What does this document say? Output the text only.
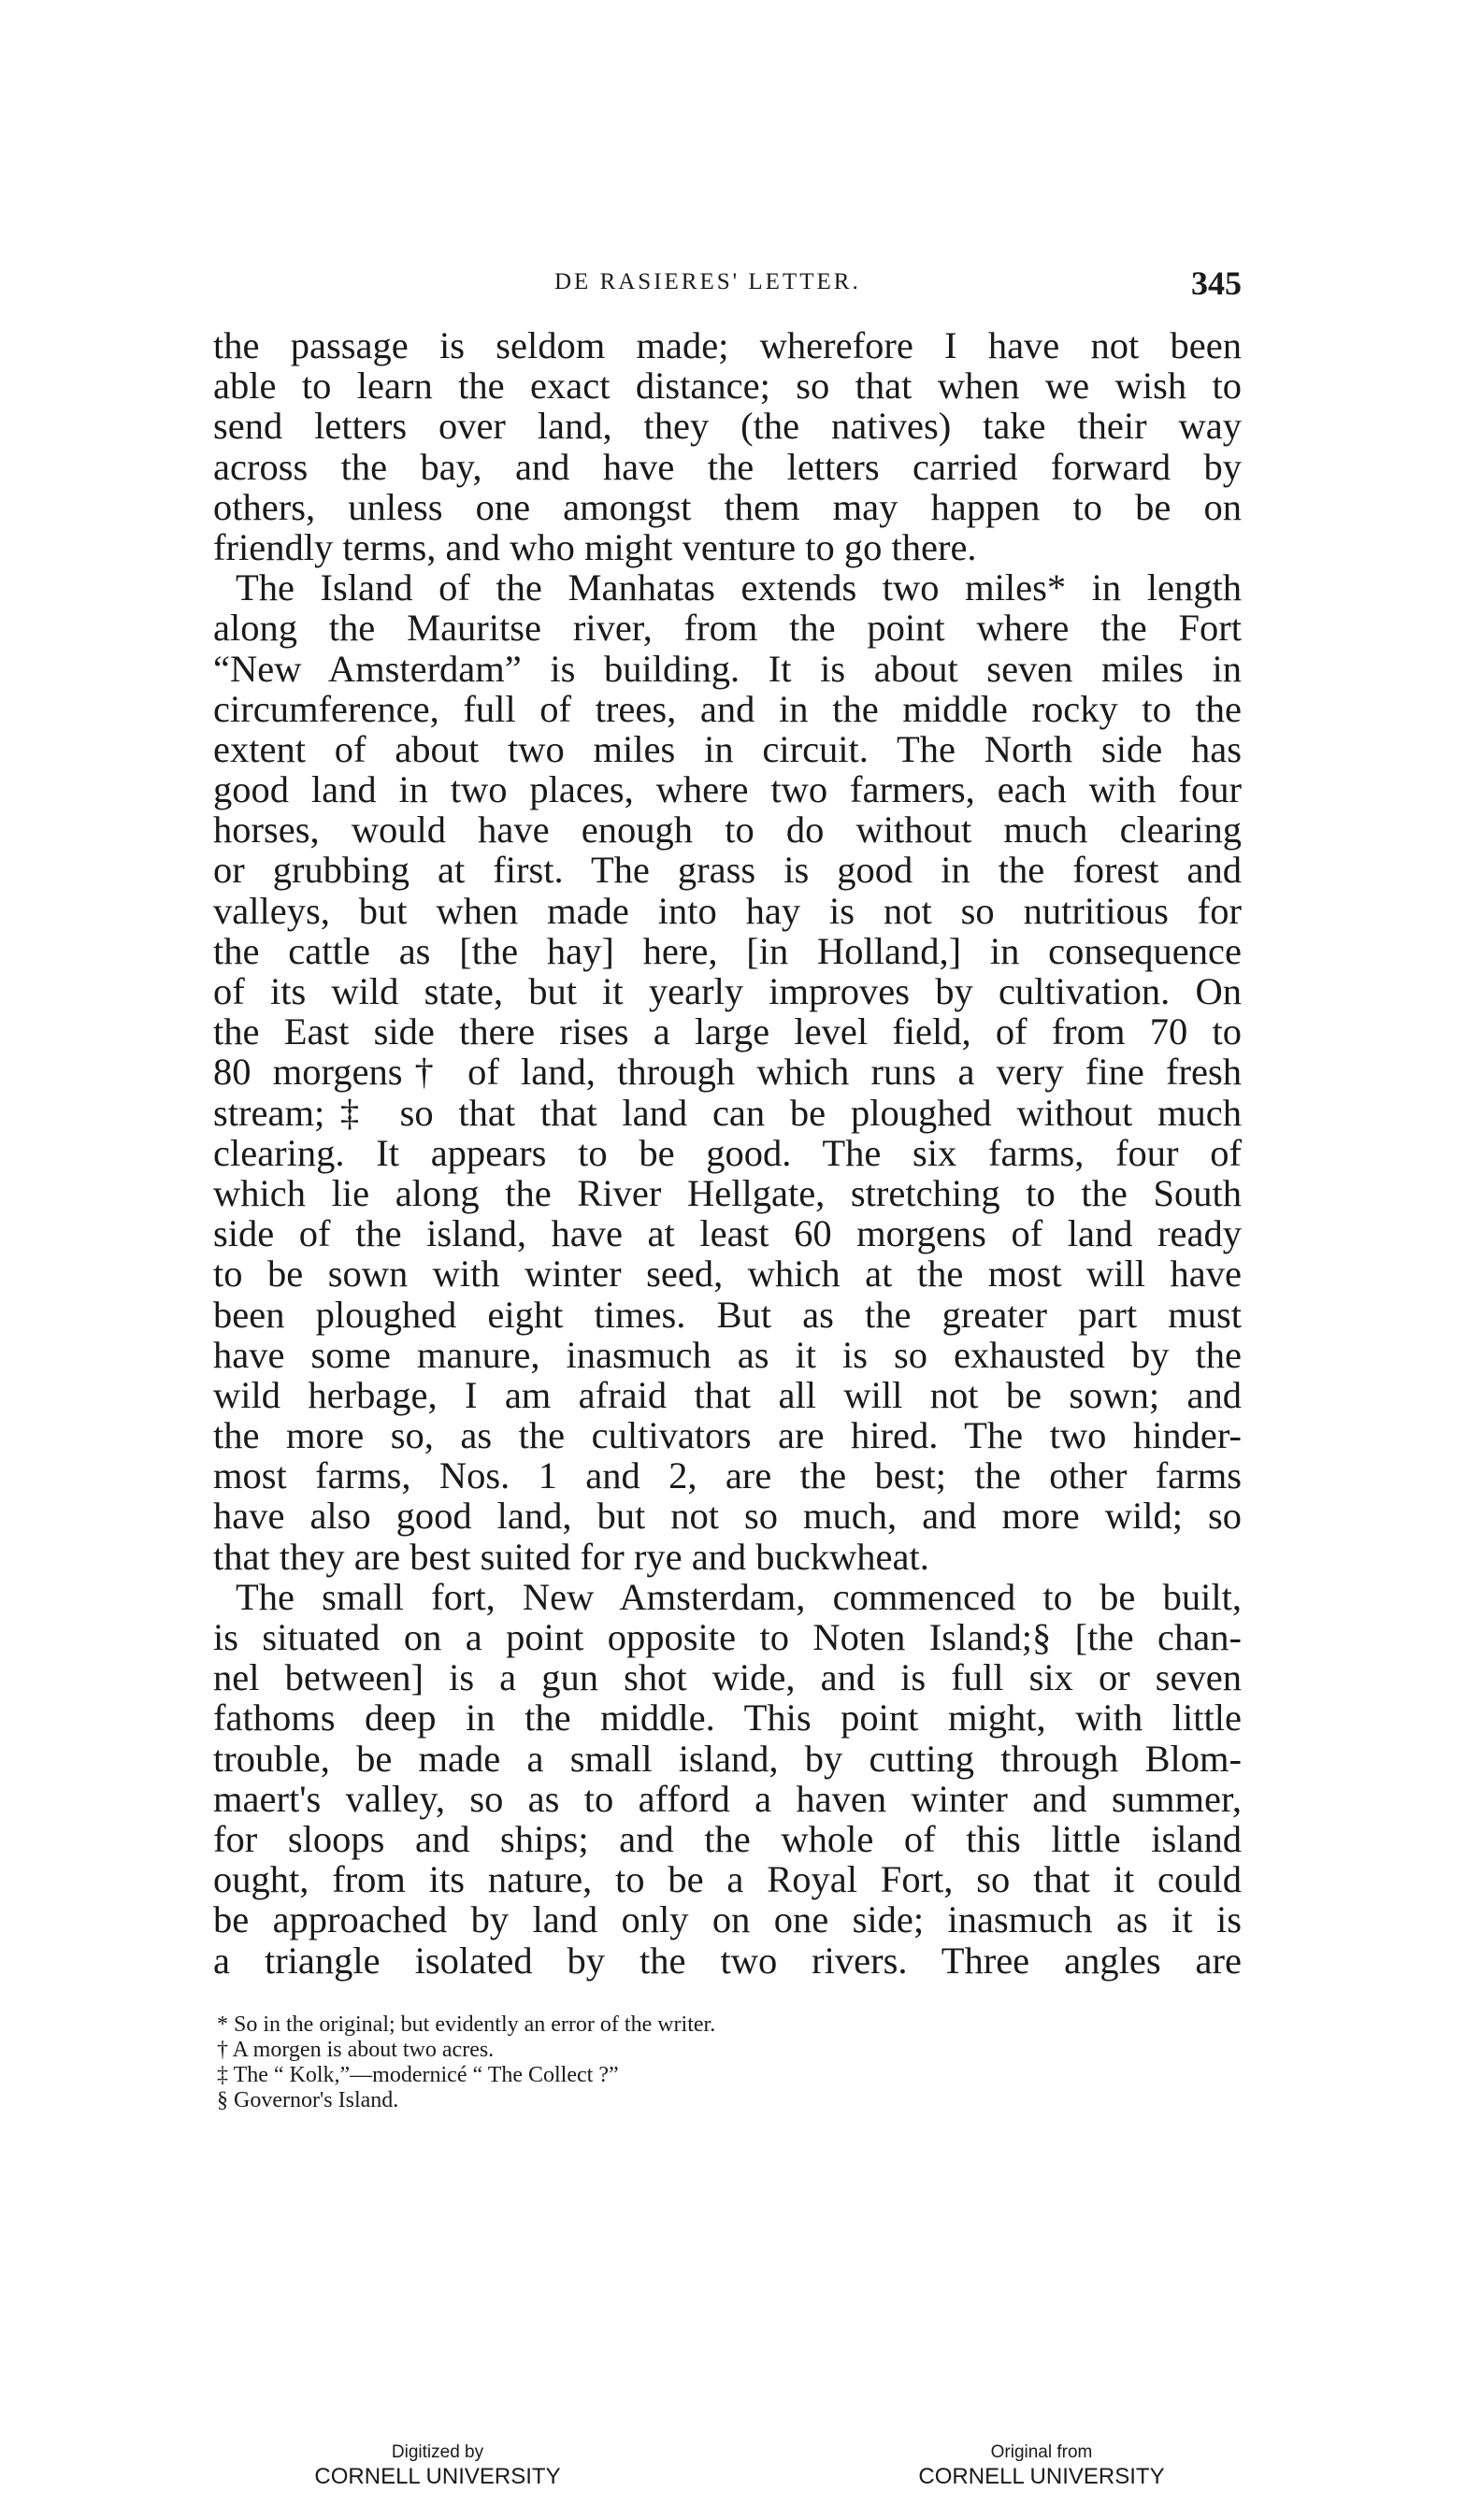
DE RASIERES' LETTER.	345
the passage is seldom made; wherefore I have not been
able to learn the exact distance; so that when we wish to
send letters over land, they (the natives) take their way
across the bay, and have the letters carried forward by
others, unless one amongst them may happen to be on
friendly terms, and who might venture to go there.
The Island of the Manhatas extends two miles* in length
along the Mauritse river, from the point where the Fort
“New Amsterdam” is building. It is about seven miles in
circumference, full of trees, and in the middle rocky to the
extent of about two miles in circuit. The North side has
good land in two places, where two farmers, each with four
horses, would have enough to do without much clearing
or grubbing at first. The grass is good in the forest and
valleys, but when made into hay is not so nutritious for
the cattle as [the hay] here, [in Holland,] in consequence
of its wild state, but it yearly improves by cultivation. On
the East side there rises a large level field, of from 70 to
80 morgens† of land, through which runs a very fine fresh
stream;‡ so that that land can be ploughed without much
clearing. It appears to be good. The six farms, four of
which lie along the River Hellgate, stretching to the South
side of the island, have at least 60 morgens of land ready
to be sown with winter seed, which at the most will have
been ploughed eight times. But as the greater part must
have some manure, inasmuch as it is so exhausted by the
wild herbage, I am afraid that all will not be sown; and
the more so, as the cultivators are hired. The two hinder-
most farms, Nos. 1 and 2, are the best; the other farms
have also good land, but not so much, and more wild; so
that they are best suited for rye and buckwheat.
The small fort, New Amsterdam, commenced to be built,
is situated on a point opposite to Noten Island;§ [the chan-
nel between] is a gun shot wide, and is full six or seven
fathoms deep in the middle. This point might, with little
trouble, be made a small island, by cutting through Blom-
maert's valley, so as to afford a haven winter and summer,
for sloops and ships; and the whole of this little island
ought, from its nature, to be a Royal Fort, so that it could
be approached by land only on one side; inasmuch as it is
a triangle isolated by the two rivers. Three angles are
* So in the original; but evidently an error of the writer.
† A morgen is about two acres.
‡ The “ Kolk,”—modernicé “ The Collect ?”
§ Governor's Island.
Digitized by
CORNELL UNIVERSITY
Original from
CORNELL UNIVERSITY
